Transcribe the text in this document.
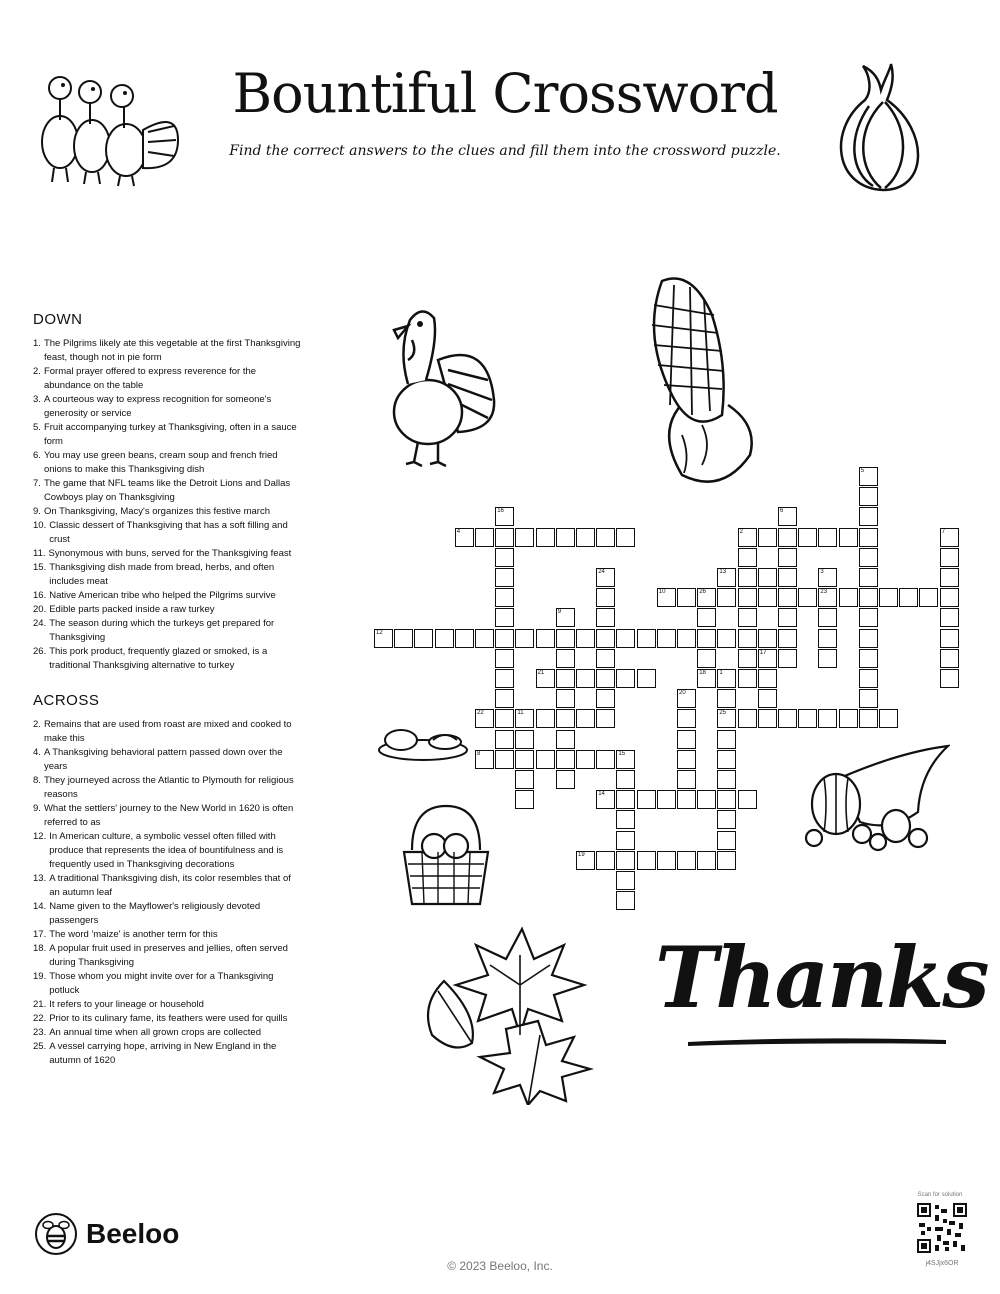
Bountiful Crossword

Find the correct answers to the clues and fill them into the crossword puzzle.

DOWN
1. The Pilgrims likely ate this vegetable at the first Thanksgiving feast, though not in pie form
2. Formal prayer offered to express reverence for the abundance on the table
3. A courteous way to express recognition for someone's generosity or service
5. Fruit accompanying turkey at Thanksgiving, often in a sauce form
6. You may use green beans, cream soup and french fried onions to make this Thanksgiving dish
7. The game that NFL teams like the Detroit Lions and Dallas Cowboys play on Thanksgiving
9. On Thanksgiving, Macy's organizes this festive march
10. Classic dessert of Thanksgiving that has a soft filling and crust
11. Synonymous with buns, served for the Thanksgiving feast
15. Thanksgiving dish made from bread, herbs, and often includes meat
16. Native American tribe who helped the Pilgrims survive
20. Edible parts packed inside a raw turkey
24. The season during which the turkeys get prepared for Thanksgiving
26. This pork product, frequently glazed or smoked, is a traditional Thanksgiving alternative to turkey
ACROSS
2. Remains that are used from roast are mixed and cooked to make this
4. A Thanksgiving behavioral pattern passed down over the years
8. They journeyed across the Atlantic to Plymouth for religious reasons
9. What the settlers' journey to the New World in 1620 is often referred to as
12. In American culture, a symbolic vessel often filled with produce that represents the idea of bountifulness and is frequently used in Thanksgiving decorations
13. A traditional Thanksgiving dish, its color resembles that of an autumn leaf
14. Name given to the Mayflower's religiously devoted passengers
17. The word 'maize' is another term for this
18. A popular fruit used in preserves and jellies, often served during Thanksgiving
19. Those whom you might invite over for a Thanksgiving potluck
21. It refers to your lineage or household
22. Prior to its culinary fame, its feathers were used for quills
23. An annual time when all grown crops are collected
25. A vessel carrying hope, arriving in New England in the autumn of 1620
5
16	6
7
2
24	3
23
9
26
18 1
25
20
11
15
17
4
13
10
12
21
22
8
14
19
Thanks
Beeloo
© 2023 Beeloo, Inc.
Scan for solution
j4SJjx6OR
